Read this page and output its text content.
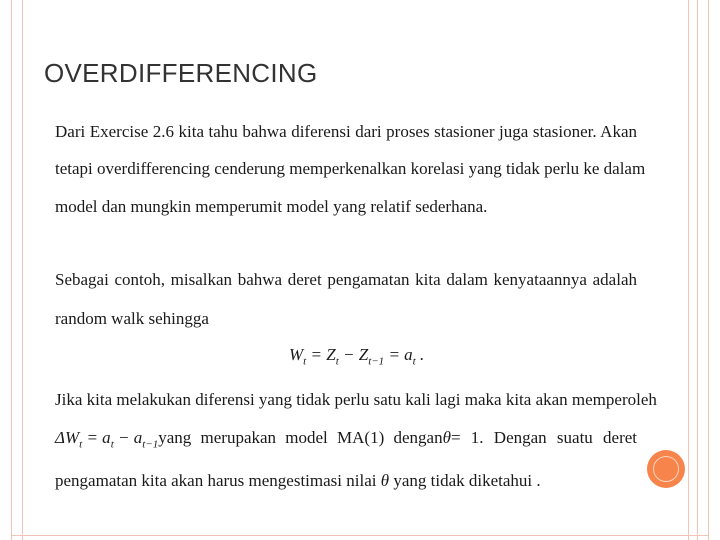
OVERDIFFERENCING
Dari Exercise 2.6 kita tahu bahwa diferensi dari proses stasioner juga stasioner. Akan
tetapi overdifferencing cenderung memperkenalkan korelasi yang tidak perlu ke dalam
model dan mungkin memperumit model yang relatif sederhana.
Sebagai contoh, misalkan bahwa deret pengamatan kita dalam kenyataannya adalah
random walk sehingga
$W_t = Z_t - Z_{t-1} = a_t$ .
Jika kita melakukan diferensi yang tidak perlu satu kali lagi maka kita akan memperoleh
$\Delta W_t = a_t - a_{t-1}$ yang merupakan model MA(1) dengan θ = 1. Dengan suatu deret
pengamatan kita akan harus mengestimasi nilai θ yang tidak diketahui .
